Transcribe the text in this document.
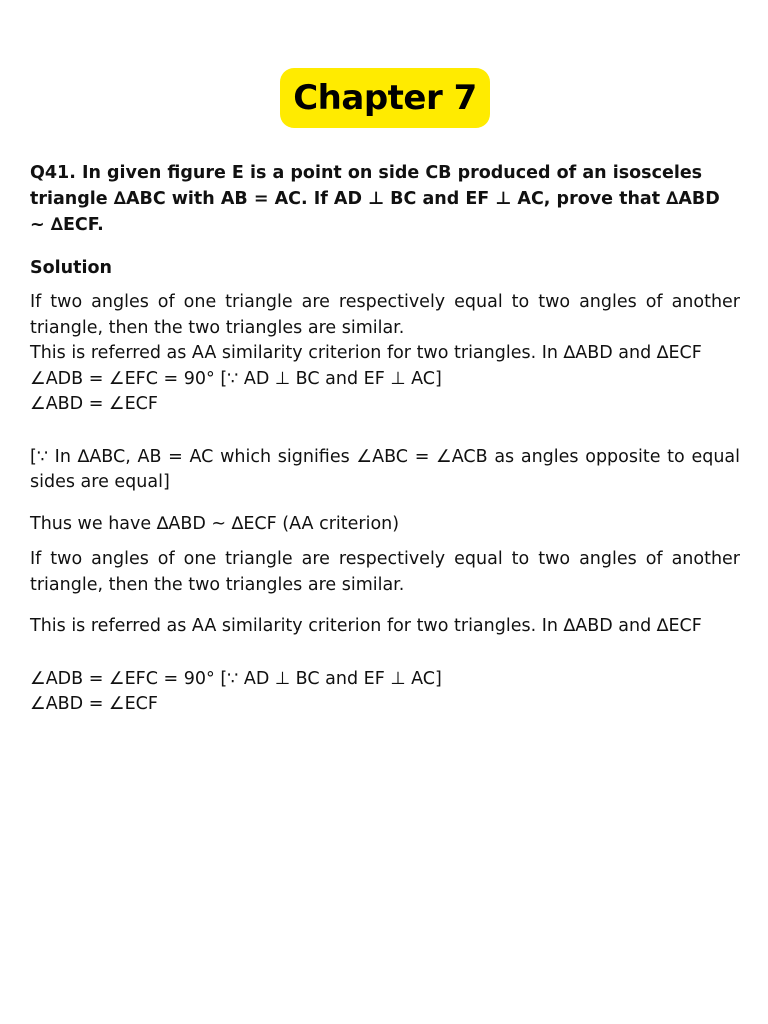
Chapter 7

Q41. In given figure E is a point on side CB produced of an isosceles triangle ∆ABC with AB = AC. If AD ⊥ BC and EF ⊥ AC, prove that ∆ABD ~ ∆ECF.

Solution

If two angles of one triangle are respectively equal to two angles of another triangle, then the two triangles are similar.

This is referred as AA similarity criterion for two triangles. In ∆ABD and ∆ECF

∠ADB = ∠EFC = 90° [∵ AD ⊥ BC and EF ⊥ AC]

∠ABD = ∠ECF

[∵ In ∆ABC, AB = AC which signifies ∠ABC = ∠ACB as angles opposite to equal sides are equal]

Thus we have ∆ABD ~ ∆ECF (AA criterion)

If two angles of one triangle are respectively equal to two angles of another triangle, then the two triangles are similar.

This is referred as AA similarity criterion for two triangles. In ∆ABD and ∆ECF

∠ADB = ∠EFC = 90° [∵ AD ⊥ BC and EF ⊥ AC]

∠ABD = ∠ECF
